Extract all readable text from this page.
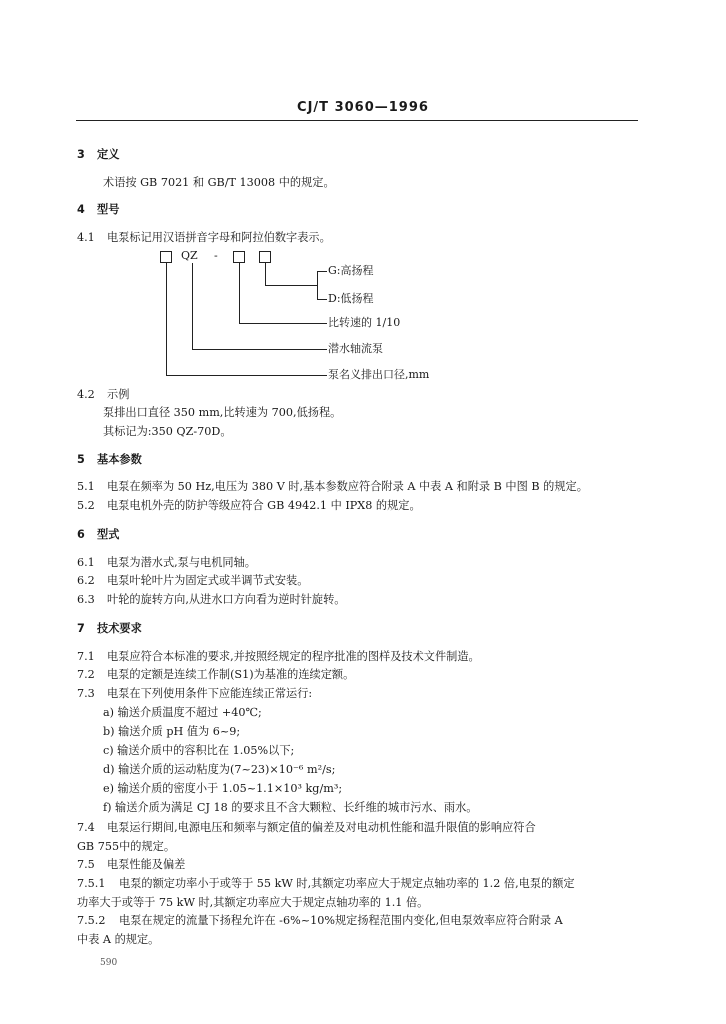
CJ/T 3060—1996
3 定义
术语按 GB 7021 和 GB/T 13008 中的规定。
4 型号
4.1 电泵标记用汉语拼音字母和阿拉伯数字表示。
QZ -
G:高扬程
D:低扬程
比转速的 1/10
潜水轴流泵
泵名义排出口径,mm
4.2 示例
泵排出口直径 350 mm,比转速为 700,低扬程。
其标记为:350 QZ-70D。
5 基本参数
5.1 电泵在频率为 50 Hz,电压为 380 V 时,基本参数应符合附录 A 中表 A 和附录 B 中图 B 的规定。
5.2 电泵电机外壳的防护等级应符合 GB 4942.1 中 IPX8 的规定。
6 型式
6.1 电泵为潜水式,泵与电机同轴。
6.2 电泵叶轮叶片为固定式或半调节式安装。
6.3 叶轮的旋转方向,从进水口方向看为逆时针旋转。
7 技术要求
7.1 电泵应符合本标准的要求,并按照经规定的程序批准的图样及技术文件制造。
7.2 电泵的定额是连续工作制(S1)为基准的连续定额。
7.3 电泵在下列使用条件下应能连续正常运行:
a) 输送介质温度不超过 +40℃;
b) 输送介质 pH 值为 6~9;
c) 输送介质中的容积比在 1.05%以下;
d) 输送介质的运动粘度为(7~23)×10⁻⁶ m²/s;
e) 输送介质的密度小于 1.05~1.1×10³ kg/m³;
f) 输送介质为满足 CJ 18 的要求且不含大颗粒、长纤维的城市污水、雨水。
7.4 电泵运行期间,电源电压和频率与额定值的偏差及对电动机性能和温升限值的影响应符合
GB 755中的规定。
7.5 电泵性能及偏差
7.5.1 电泵的额定功率小于或等于 55 kW 时,其额定功率应大于规定点轴功率的 1.2 倍,电泵的额定
功率大于或等于 75 kW 时,其额定功率应大于规定点轴功率的 1.1 倍。
7.5.2 电泵在规定的流量下扬程允许在 -6%~10%规定扬程范围内变化,但电泵效率应符合附录 A
中表 A 的规定。
590
